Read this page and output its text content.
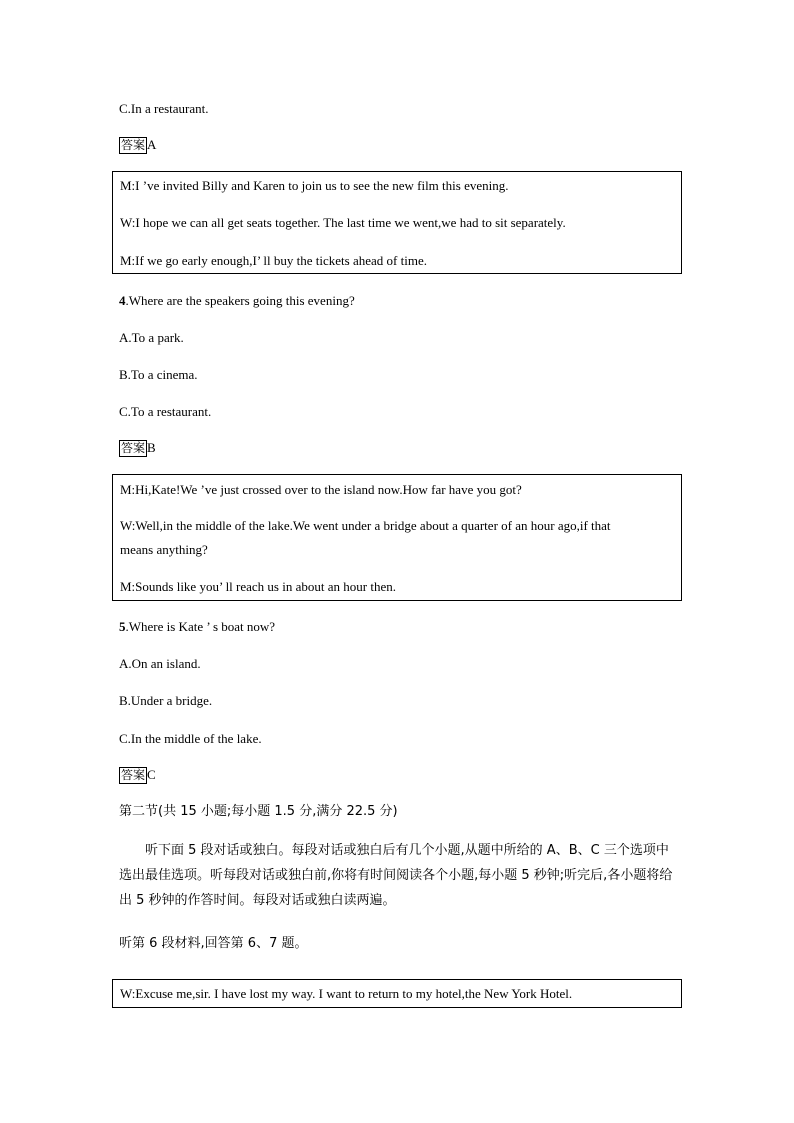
C.In a restaurant.
答案 A
M:I ’ve invited Billy and Karen to join us to see the new film this evening.
W:I hope we can all get seats together. The last time we went,we had to sit separately.
M:If we go early enough,I’ ll buy the tickets ahead of time.
4.Where are the speakers going this evening?
A.To a park.
B.To a cinema.
C.To a restaurant.
答案 B
M:Hi,Kate!We ’ve just crossed over to the island now.How far have you got?
W:Well,in the middle of the lake.We went under a bridge about a quarter of an hour ago,if that
means anything?
M:Sounds like you’ ll reach us in about an hour then.
5.Where is Kate ’ s boat now?
A.On an island.
B.Under a bridge.
C.In the middle of the lake.
答案 C
第二节(共 15 小题;每小题 1.5 分,满分 22.5 分)
听下面 5 段对话或独白。每段对话或独白后有几个小题,从题中所给的 A、B、C 三个选项中选出最佳选项。听每段对话或独白前,你将有时间阅读各个小题,每小题 5 秒钟;听完后,各小题将给出 5 秒钟的作答时间。每段对话或独白读两遍。
听第 6 段材料,回答第 6、7 题。
W:Excuse me,sir. I have lost my way. I want to return to my hotel,the New York Hotel.
